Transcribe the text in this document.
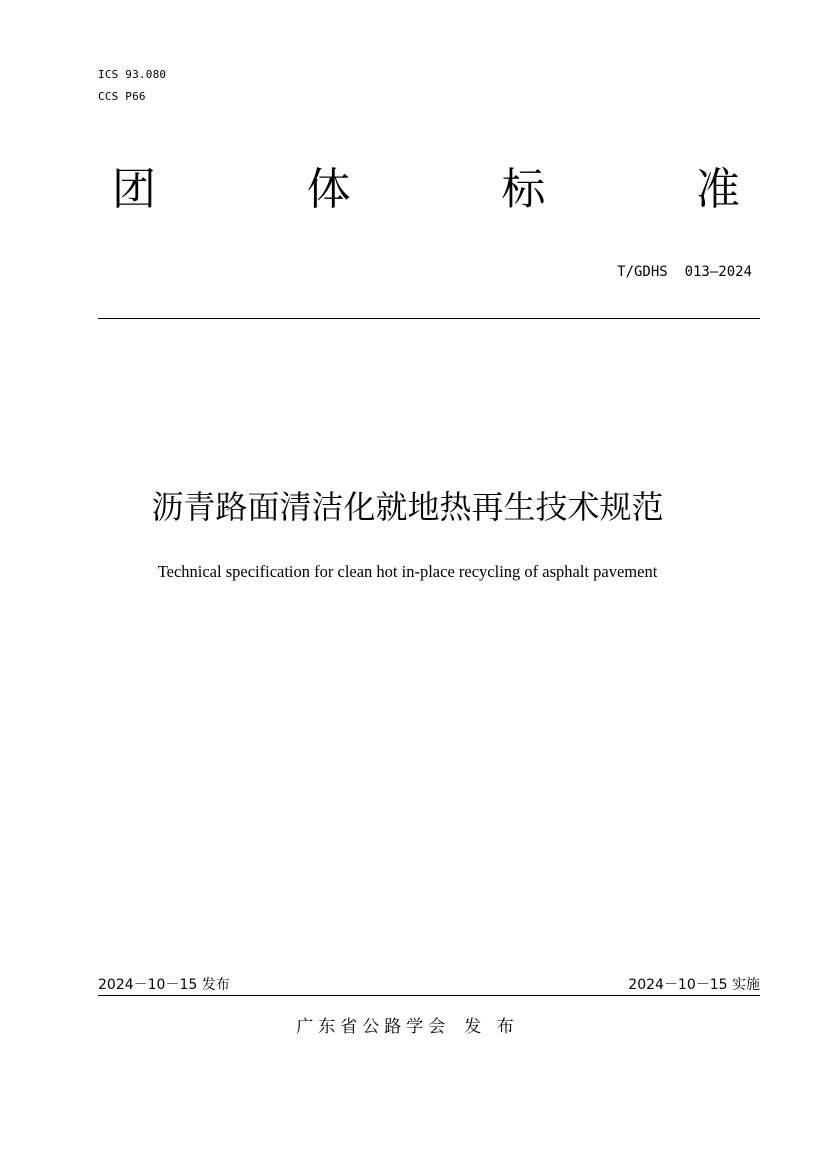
ICS 93.080
CCS P66
团	体	标	准
T/GDHS  013—2024
沥青路面清洁化就地热再生技术规范
Technical specification for clean hot in-place recycling of asphalt pavement
2024－10－15 发布	2024－10－15 实施
广东省公路学会 发 布
